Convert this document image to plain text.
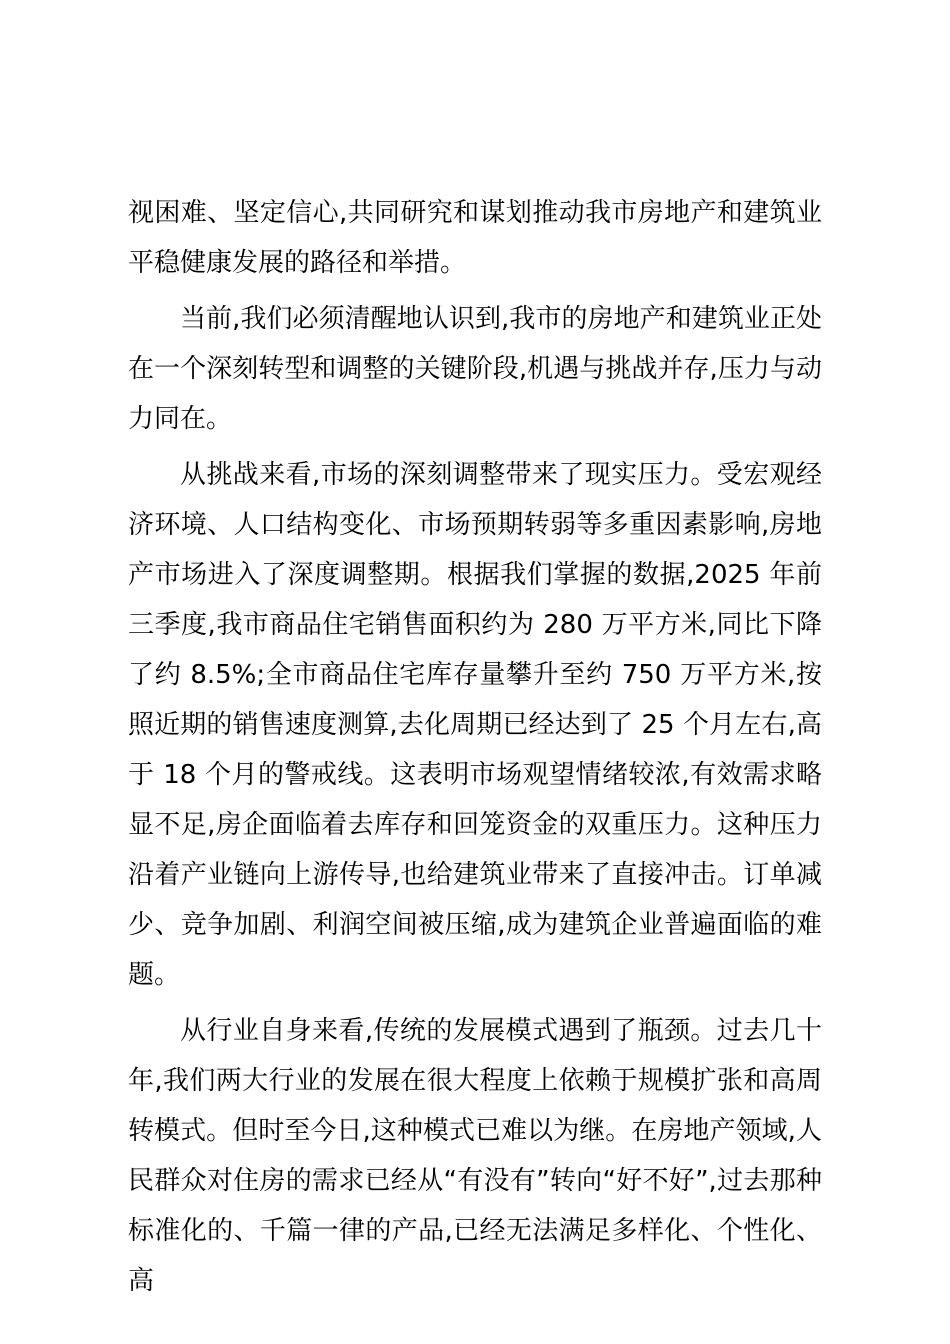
视困难、坚定信心,共同研究和谋划推动我市房地产和建筑业平稳健康发展的路径和举措。

当前,我们必须清醒地认识到,我市的房地产和建筑业正处在一个深刻转型和调整的关键阶段,机遇与挑战并存,压力与动力同在。

从挑战来看,市场的深刻调整带来了现实压力。受宏观经济环境、人口结构变化、市场预期转弱等多重因素影响,房地产市场进入了深度调整期。根据我们掌握的数据,2025 年前三季度,我市商品住宅销售面积约为 280 万平方米,同比下降了约 8.5%;全市商品住宅库存量攀升至约 750 万平方米,按照近期的销售速度测算,去化周期已经达到了 25 个月左右,高于 18 个月的警戒线。这表明市场观望情绪较浓,有效需求略显不足,房企面临着去库存和回笼资金的双重压力。这种压力沿着产业链向上游传导,也给建筑业带来了直接冲击。订单减少、竞争加剧、利润空间被压缩,成为建筑企业普遍面临的难题。

从行业自身来看,传统的发展模式遇到了瓶颈。过去几十年,我们两大行业的发展在很大程度上依赖于规模扩张和高周转模式。但时至今日,这种模式已难以为继。在房地产领域,人民群众对住房的需求已经从“有没有”转向“好不好”,过去那种标准化的、千篇一律的产品,已经无法满足多样化、个性化、高
